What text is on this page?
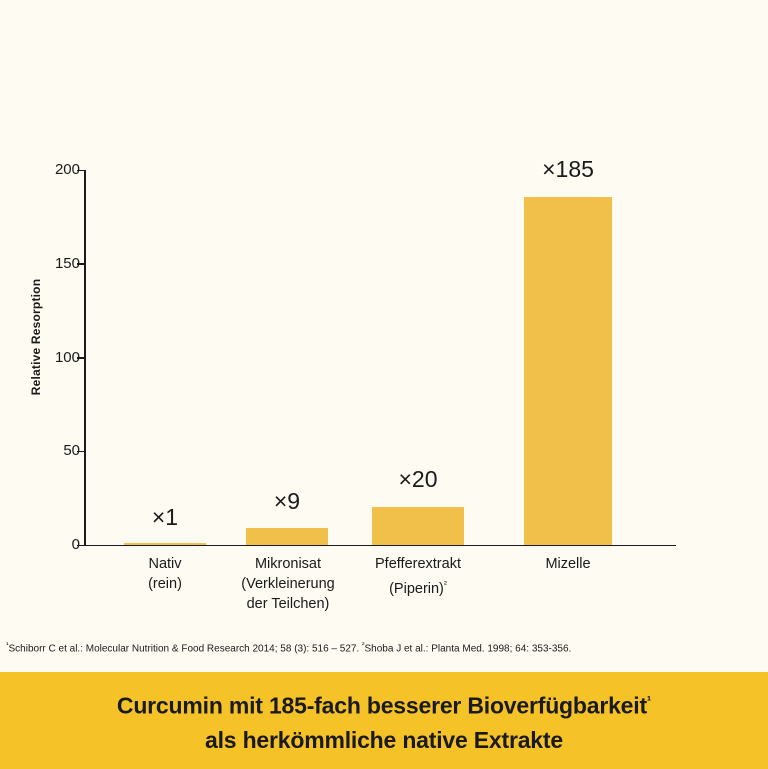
Relative Resorption
0
50
100
150
200
×1
×9
×20
×185
Nativ
(rein)
Mikronisat
(Verkleinerung
der Teilchen)
Pfefferextrakt
(Piperin)$^{^2}$
Mizelle
$^{^1}$Schiborr C et al.: Molecular Nutrition & Food Research 2014; 58 (3): 516 – 527. $^{^2}$Shoba J et al.: Planta Med. 1998; 64: 353-356.
Curcumin mit 185-fach besserer Bioverfügbarkeit$^{^1}$
als herkömmliche native Extrakte
